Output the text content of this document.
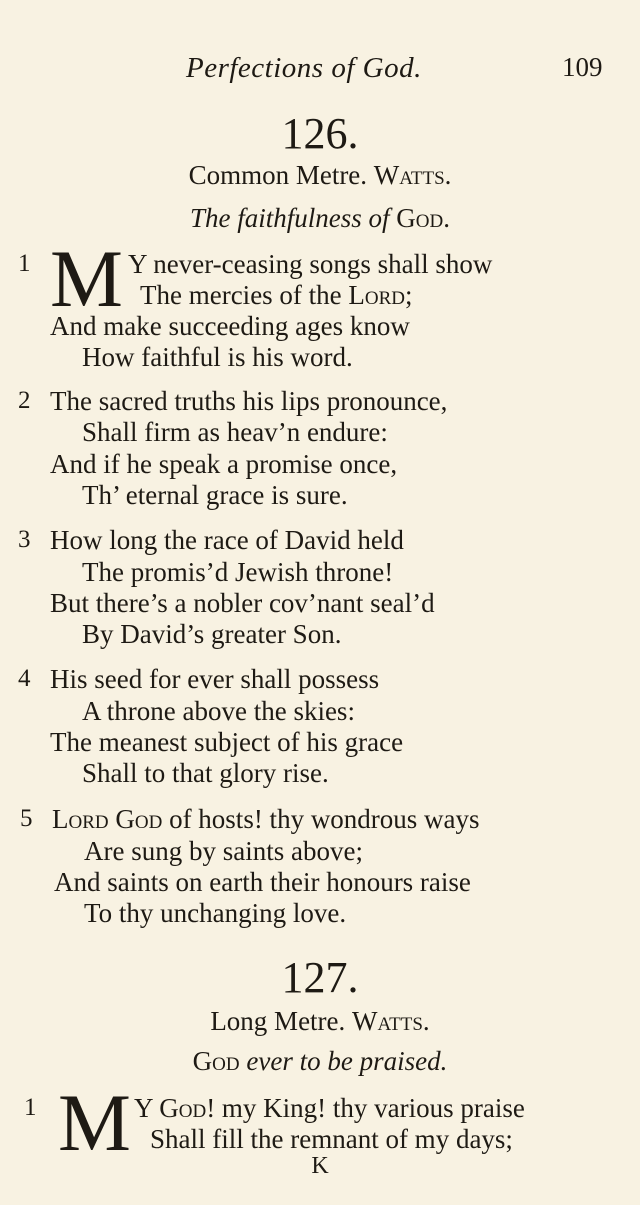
Perfections of God.	109
126.
Common Metre. Watts.
The faithfulness of God.
1 M Y never-ceasing songs shall show
The mercies of the Lord;
And make succeeding ages know
How faithful is his word.
2 The sacred truths his lips pronounce,
Shall firm as heav’n endure:
And if he speak a promise once,
Th’ eternal grace is sure.
3 How long the race of David held
The promis’d Jewish throne!
But there’s a nobler cov’nant seal’d
By David’s greater Son.
4 His seed for ever shall possess
A throne above the skies:
The meanest subject of his grace
Shall to that glory rise.
5 Lord God of hosts! thy wondrous ways
Are sung by saints above;
And saints on earth their honours raise
To thy unchanging love.
127.
Long Metre. Watts.
God ever to be praised.
1 M Y God! my King! thy various praise
Shall fill the remnant of my days;
K
